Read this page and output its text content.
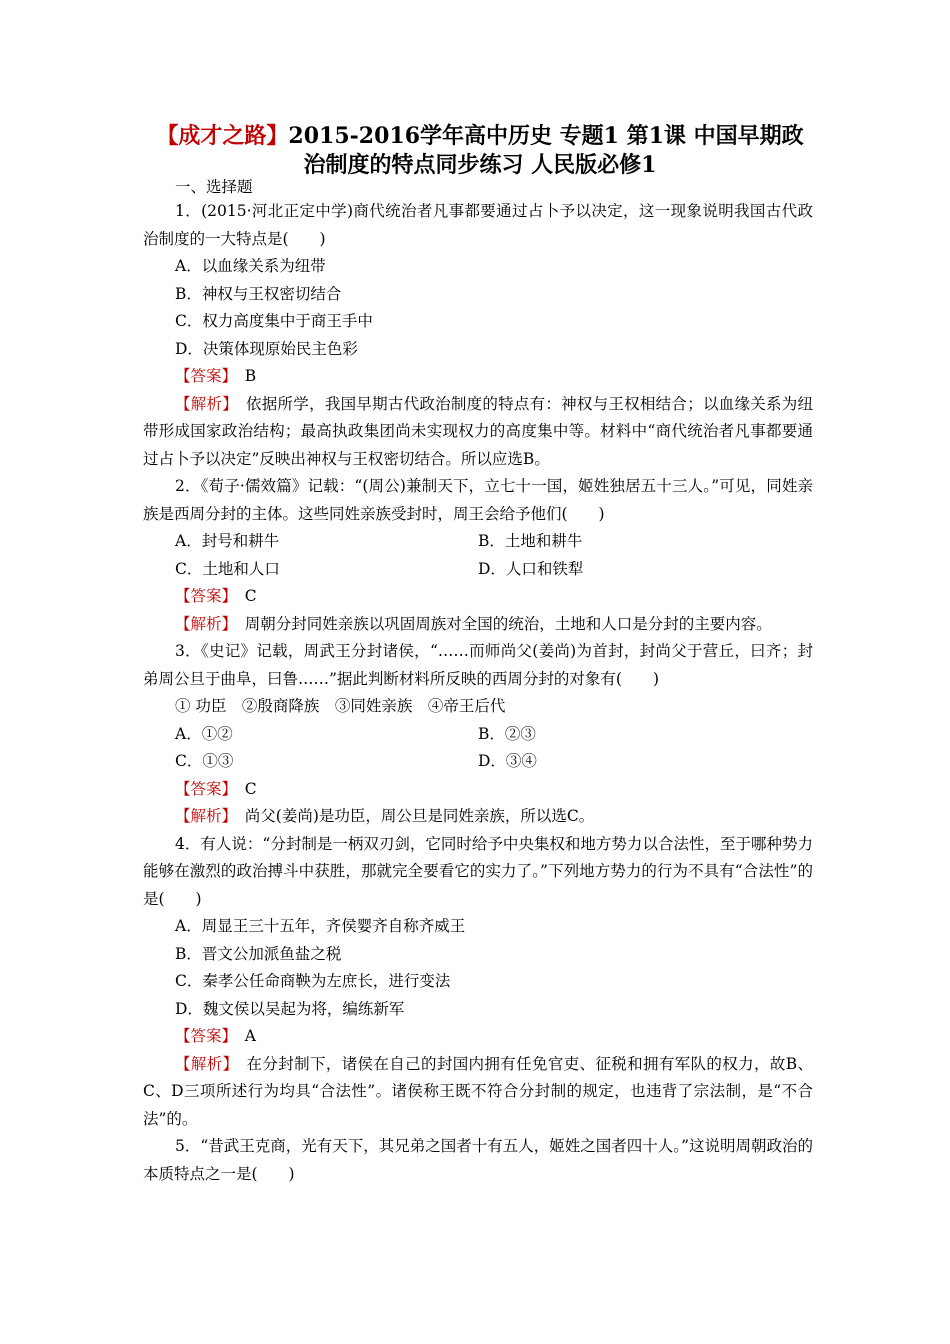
【成才之路】2015-2016学年高中历史 专题1 第1课 中国早期政
治制度的特点同步练习 人民版必修1
一、选择题

1．(2015·河北正定中学)商代统治者凡事都要通过占卜予以决定，这一现象说明我国古代政治制度的一大特点是(　　)

A．以血缘关系为纽带

B．神权与王权密切结合

C．权力高度集中于商王手中

D．决策体现原始民主色彩

【答案】　 B

【解析】　 依据所学，我国早期古代政治制度的特点有：神权与王权相结合；以血缘关系为纽带形成国家政治结构；最高执政集团尚未实现权力的高度集中等。材料中“商代统治者凡事都要通过占卜予以决定”反映出神权与王权密切结合。所以应选B。

2．《荀子·儒效篇》记载：“(周公)兼制天下，立七十一国，姬姓独居五十三人。”可见，同姓亲族是西周分封的主体。这些同姓亲族受封时，周王会给予他们(　　)

A．封号和耕牛	B．土地和耕牛
C．土地和人口	D．人口和铁犁

【答案】　 C

【解析】　 周朝分封同姓亲族以巩固周族对全国的统治，土地和人口是分封的主要内容。

3．《史记》记载，周武王分封诸侯，“……而师尚父(姜尚)为首封，封尚父于营丘，曰齐；封弟周公旦于曲阜，曰鲁……”据此判断材料所反映的西周分封的对象有(　　)

① 功臣　②殷商降族　③同姓亲族　④帝王后代

A．①②	B．②③
C．①③	D．③④

【答案】　 C

【解析】　 尚父(姜尚)是功臣，周公旦是同姓亲族，所以选C。

4．有人说：“分封制是一柄双刃剑，它同时给予中央集权和地方势力以合法性，至于哪种势力能够在激烈的政治搏斗中获胜，那就完全要看它的实力了。”下列地方势力的行为不具有“合法性”的是(　　)

A．周显王三十五年，齐侯婴齐自称齐威王

B．晋文公加派鱼盐之税

C．秦孝公任命商鞅为左庶长，进行变法

D．魏文侯以吴起为将，编练新军

【答案】　 A

【解析】　 在分封制下，诸侯在自己的封国内拥有任免官吏、征税和拥有军队的权力，故B、C、D三项所述行为均具“合法性”。诸侯称王既不符合分封制的规定，也违背了宗法制，是“不合法”的。

5．“昔武王克商，光有天下，其兄弟之国者十有五人，姬姓之国者四十人。”这说明周朝政治的本质特点之一是(　　)
